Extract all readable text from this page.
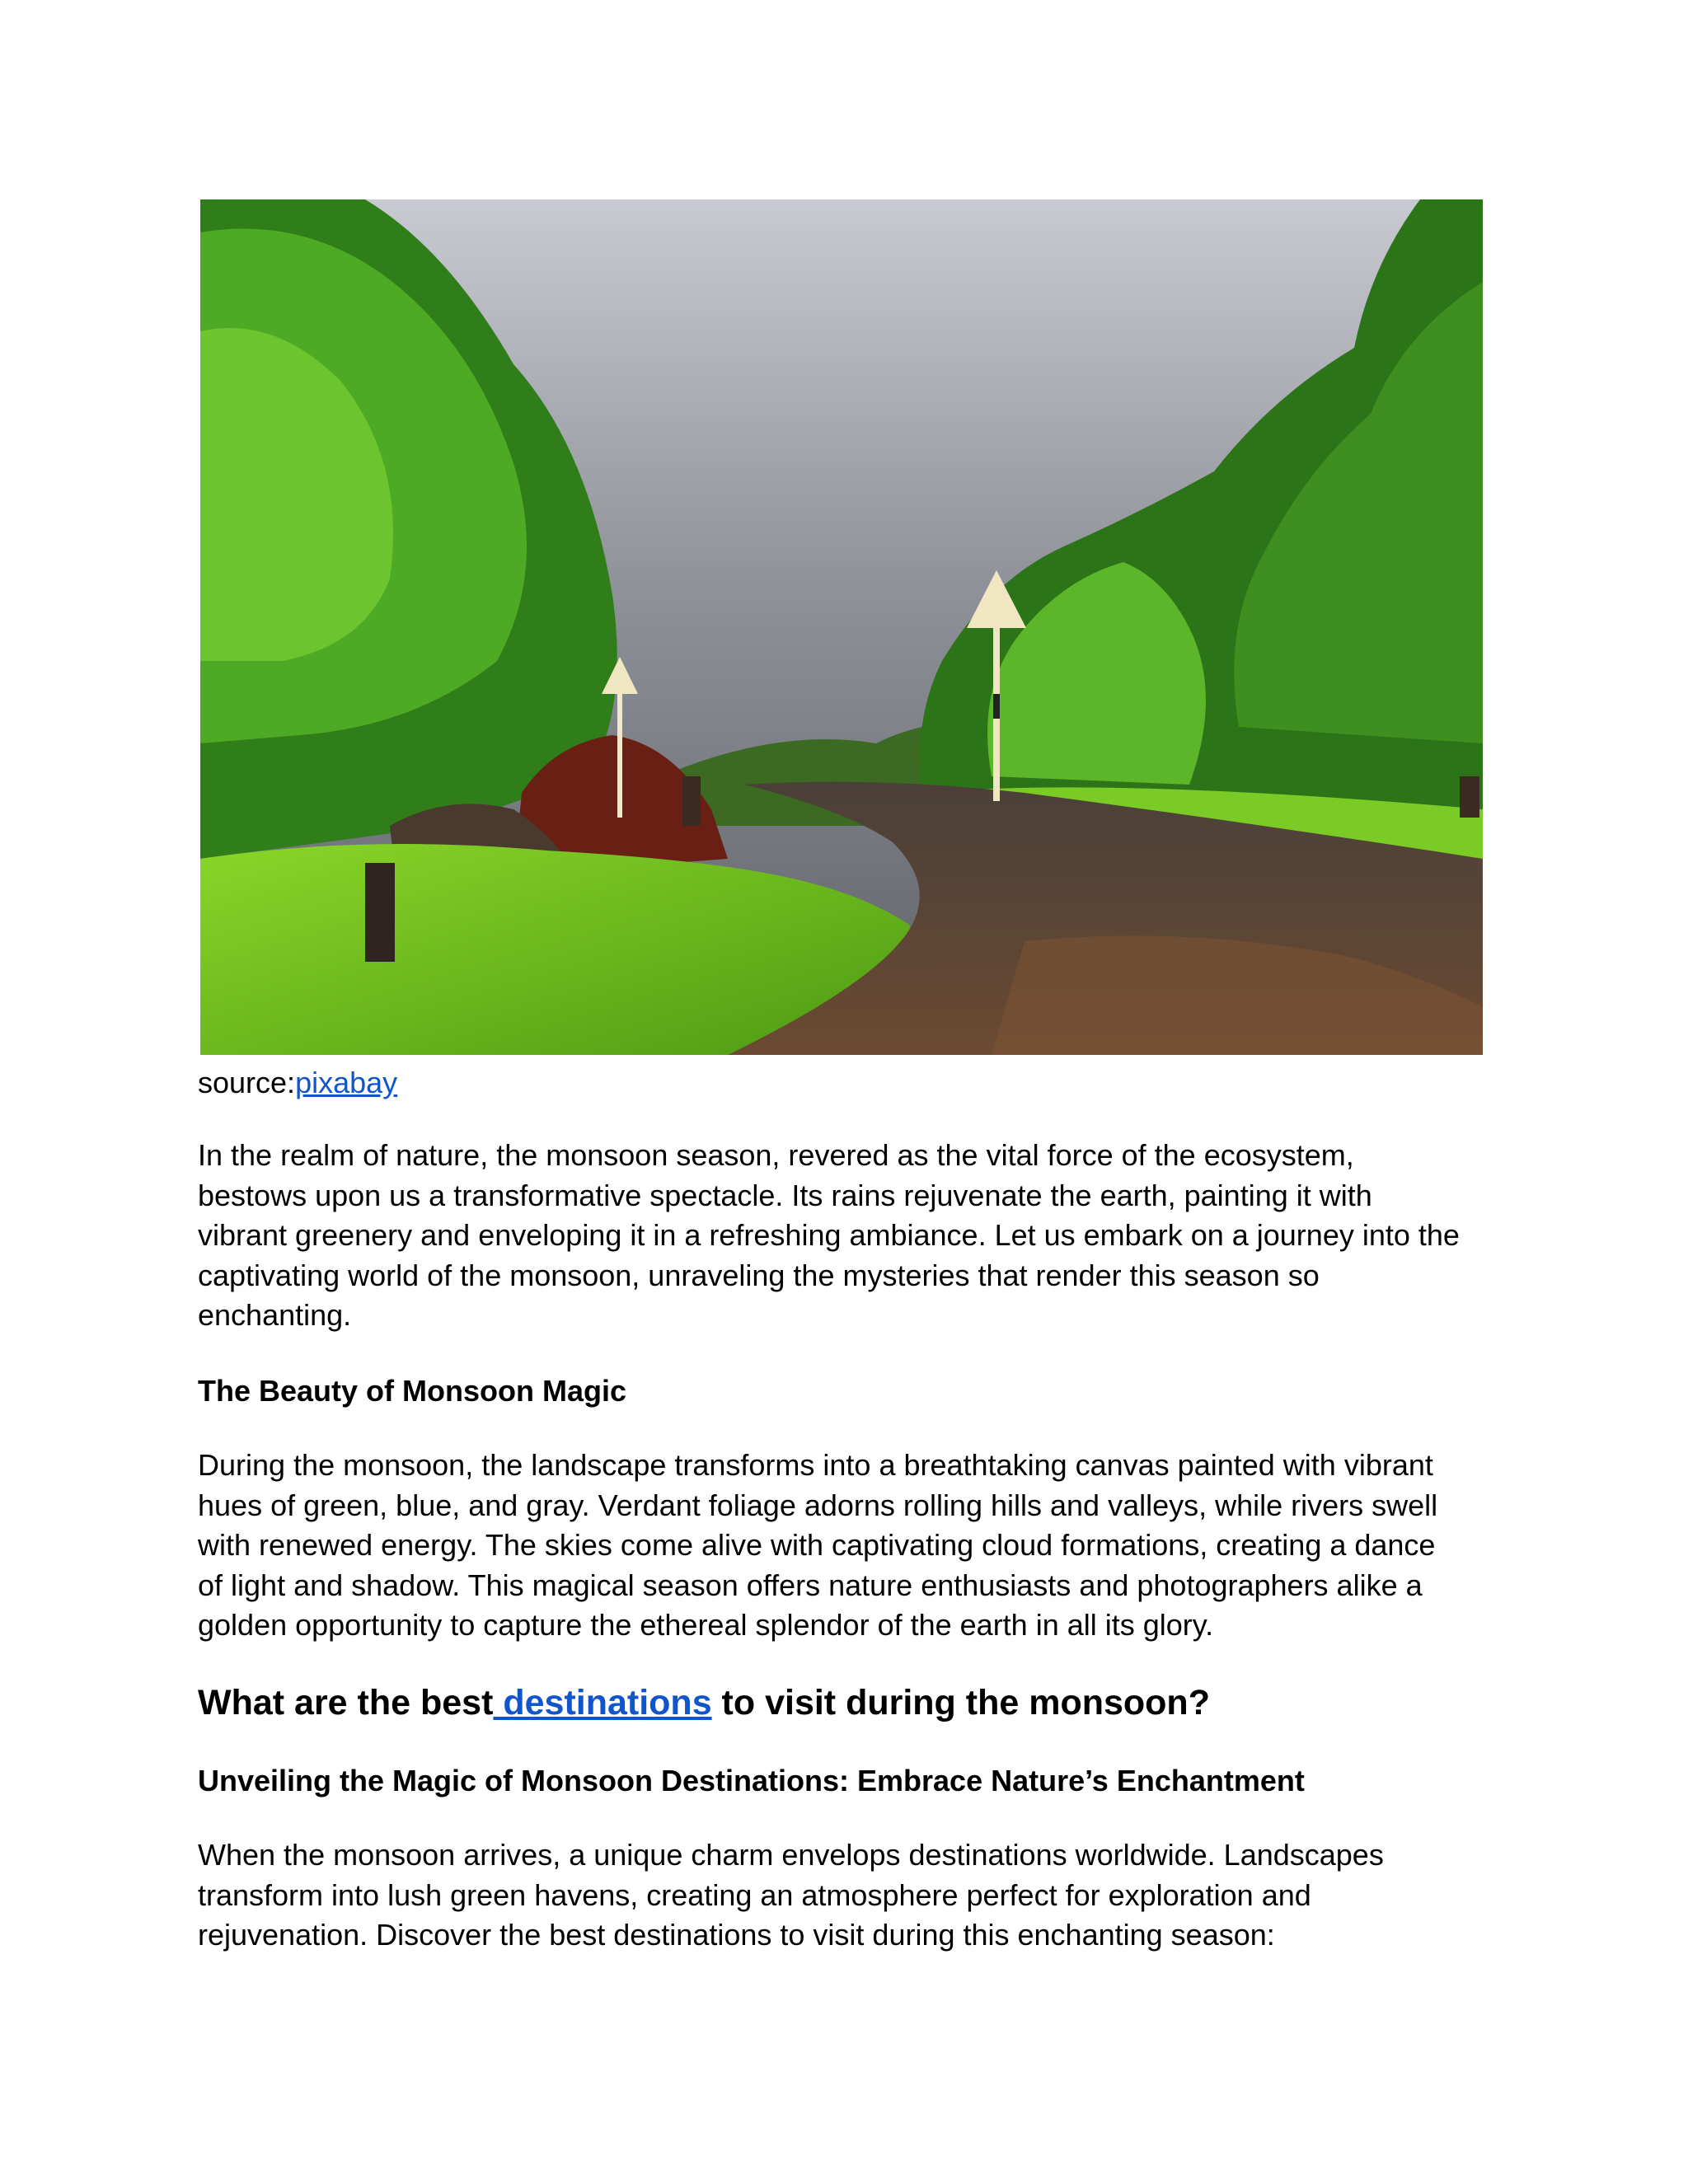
source:pixabay

In the realm of nature, the monsoon season, revered as the vital force of the ecosystem,
bestows upon us a transformative spectacle. Its rains rejuvenate the earth, painting it with
vibrant greenery and enveloping it in a refreshing ambiance. Let us embark on a journey into the
captivating world of the monsoon, unraveling the mysteries that render this season so
enchanting.

The Beauty of Monsoon Magic

During the monsoon, the landscape transforms into a breathtaking canvas painted with vibrant
hues of green, blue, and gray. Verdant foliage adorns rolling hills and valleys, while rivers swell
with renewed energy. The skies come alive with captivating cloud formations, creating a dance
of light and shadow. This magical season offers nature enthusiasts and photographers alike a
golden opportunity to capture the ethereal splendor of the earth in all its glory.

What are the best destinations to visit during the monsoon?
Unveiling the Magic of Monsoon Destinations: Embrace Nature’s Enchantment

When the monsoon arrives, a unique charm envelops destinations worldwide. Landscapes
transform into lush green havens, creating an atmosphere perfect for exploration and
rejuvenation. Discover the best destinations to visit during this enchanting season:
